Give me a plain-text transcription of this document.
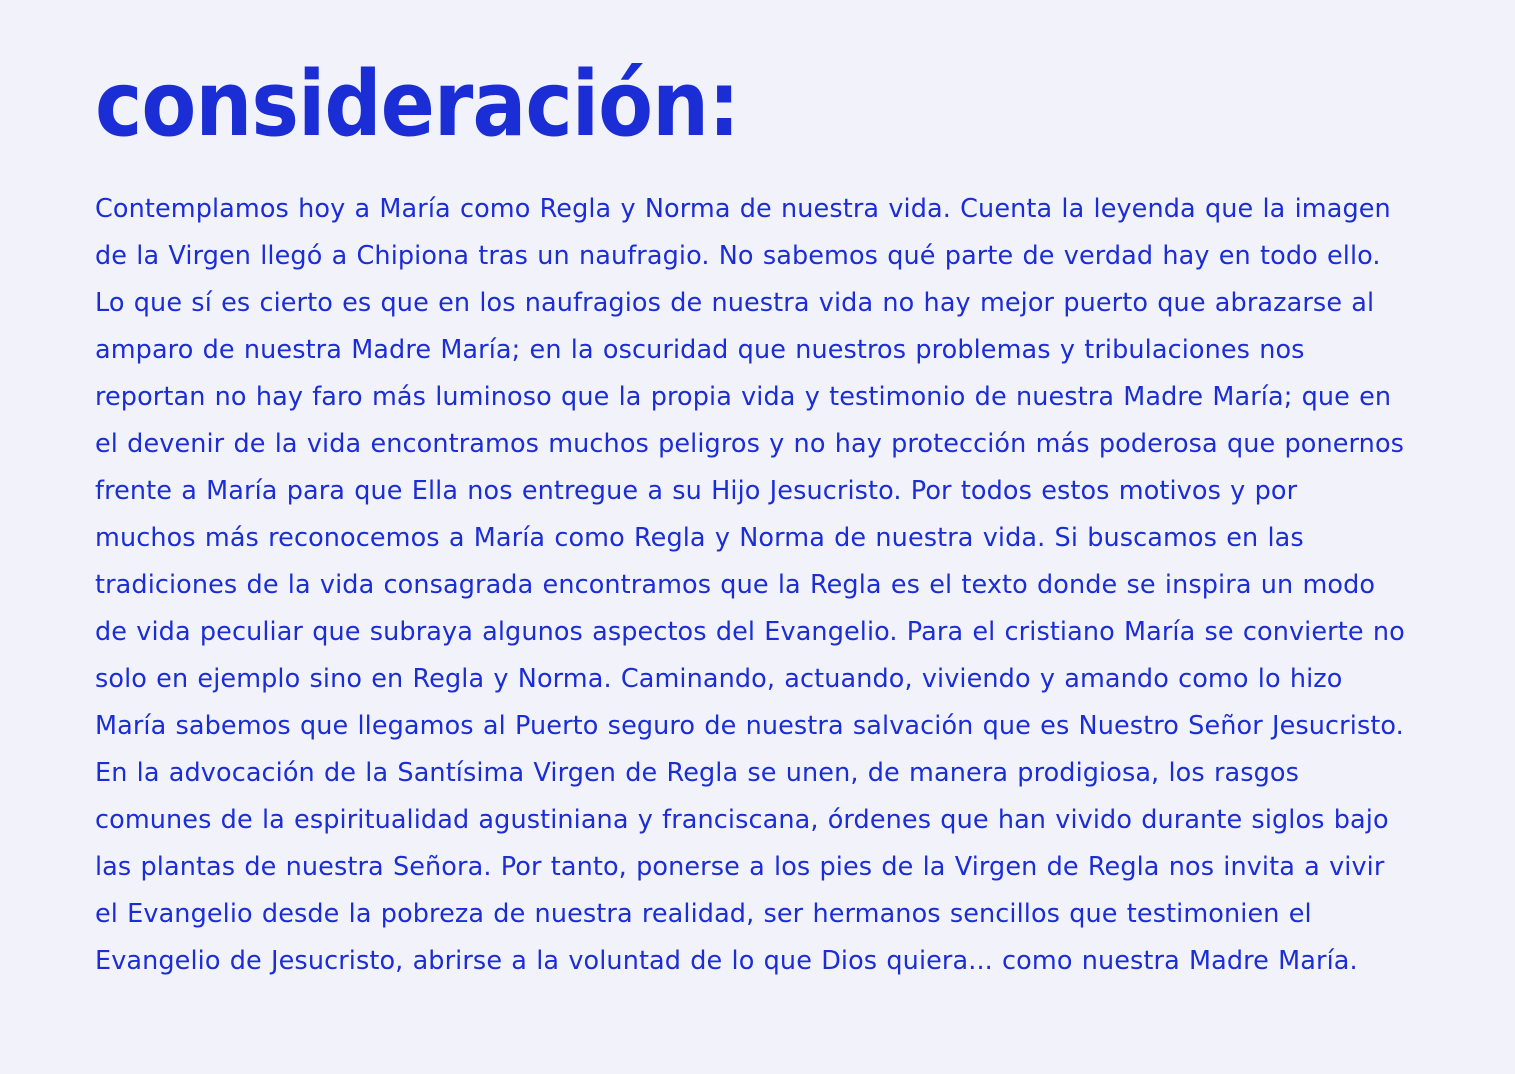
consideración:

Contemplamos hoy a María como Regla y Norma de nuestra vida. Cuenta la leyenda que la imagen de la Virgen llegó a Chipiona tras un naufragio. No sabemos qué parte de verdad hay en todo ello. Lo que sí es cierto es que en los naufragios de nuestra vida no hay mejor puerto que abrazarse al amparo de nuestra Madre María; en la oscuridad que nuestros problemas y tribulaciones nos reportan no hay faro más luminoso que la propia vida y testimonio de nuestra Madre María; que en el devenir de la vida encontramos muchos peligros y no hay protección más poderosa que ponernos frente a María para que Ella nos entregue a su Hijo Jesucristo. Por todos estos motivos y por muchos más reconocemos a María como Regla y Norma de nuestra vida. Si buscamos en las tradiciones de la vida consagrada encontramos que la Regla es el texto donde se inspira un modo de vida peculiar que subraya algunos aspectos del Evangelio. Para el cristiano María se convierte no solo en ejemplo sino en Regla y Norma. Caminando, actuando, viviendo y amando como lo hizo María sabemos que llegamos al Puerto seguro de nuestra salvación que es Nuestro Señor Jesucristo. En la advocación de la Santísima Virgen de Regla se unen, de manera prodigiosa, los rasgos comunes de la espiritualidad agustiniana y franciscana, órdenes que han vivido durante siglos bajo las plantas de nuestra Señora. Por tanto, ponerse a los pies de la Virgen de Regla nos invita a vivir el Evangelio desde la pobreza de nuestra realidad, ser hermanos sencillos que testimonien el Evangelio de Jesucristo, abrirse a la voluntad de lo que Dios quiera... como nuestra Madre María.
